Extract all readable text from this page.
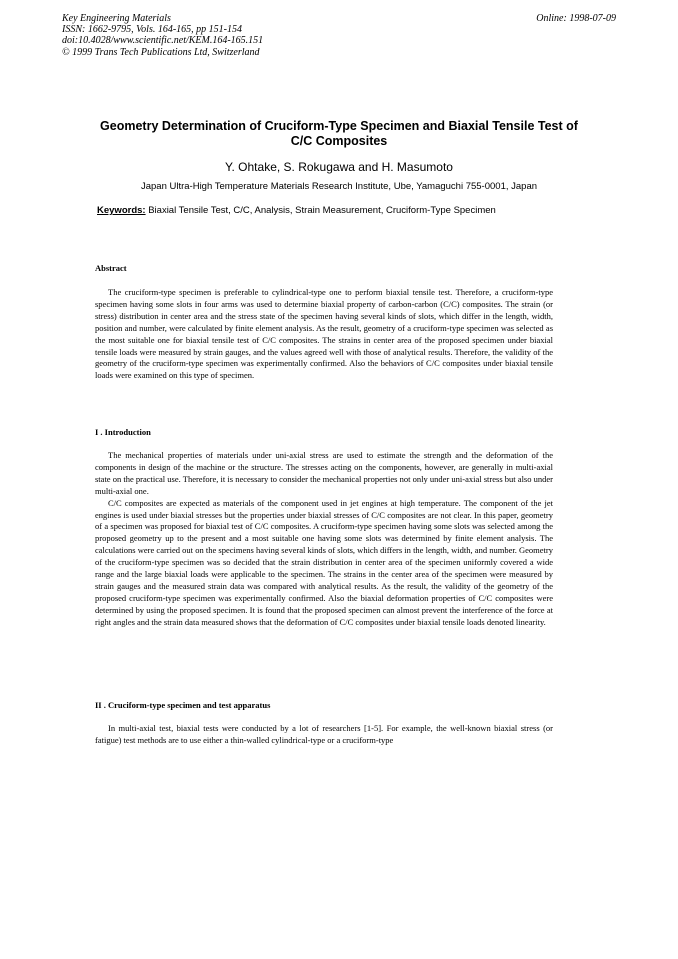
Key Engineering Materials
ISSN: 1662-9795, Vols. 164-165, pp 151-154
doi:10.4028/www.scientific.net/KEM.164-165.151
© 1999 Trans Tech Publications Ltd, Switzerland
Online: 1998-07-09
Geometry Determination of Cruciform-Type Specimen and Biaxial Tensile Test of C/C Composites
Y. Ohtake, S. Rokugawa and H. Masumoto
Japan Ultra-High Temperature Materials Research Institute, Ube, Yamaguchi 755-0001, Japan
Keywords: Biaxial Tensile Test, C/C, Analysis, Strain Measurement, Cruciform-Type Specimen
Abstract

The cruciform-type specimen is preferable to cylindrical-type one to perform biaxial tensile test. Therefore, a cruciform-type specimen having some slots in four arms was used to determine biaxial property of carbon-carbon (C/C) composites. The strain (or stress) distribution in center area and the stress state of the specimen having several kinds of slots, which differ in the length, width, position and number, were calculated by finite element analysis. As the result, geometry of a cruciform-type specimen was selected as the most suitable one for biaxial tensile test of C/C composites. The strains in center area of the proposed specimen under biaxial tensile loads were measured by strain gauges, and the values agreed well with those of analytical results. Therefore, the validity of the geometry of the cruciform-type specimen was experimentally confirmed. Also the behaviors of C/C composites under biaxial tensile loads were examined on this type of specimen.

I . Introduction

The mechanical properties of materials under uni-axial stress are used to estimate the strength and the deformation of the components in design of the machine or the structure. The stresses acting on the components, however, are generally in multi-axial state on the practical use. Therefore, it is necessary to consider the mechanical properties not only under uni-axial stress but also under multi-axial one.

C/C composites are expected as materials of the component used in jet engines at high temperature. The component of the jet engines is used under biaxial stresses but the properties under biaxial stresses of C/C composites are not clear. In this paper, geometry of a specimen was proposed for biaxial test of C/C composites. A cruciform-type specimen having some slots was selected among the proposed geometry up to the present and a most suitable one having some slots was determined by finite element analysis. The calculations were carried out on the specimens having several kinds of slots, which differs in the length, width, and number. Geometry of the cruciform-type specimen was so decided that the strain distribution in center area of the specimen uniformly covered a wide range and the large biaxial loads were applicable to the specimen. The strains in the center area of the specimen were measured by strain gauges and the measured strain data was compared with analytical results. As the result, the validity of the geometry of the proposed cruciform-type specimen was experimentally confirmed. Also the biaxial deformation properties of C/C composites were determined by using the proposed specimen. It is found that the proposed specimen can almost prevent the interference of the force at right angles and the strain data measured shows that the deformation of C/C composites under biaxial tensile loads denoted linearity.

II . Cruciform-type specimen and test apparatus

In multi-axial test, biaxial tests were conducted by a lot of researchers [1-5]. For example, the well-known biaxial stress (or fatigue) test methods are to use either a thin-walled cylindrical-type or a cruciform-type
